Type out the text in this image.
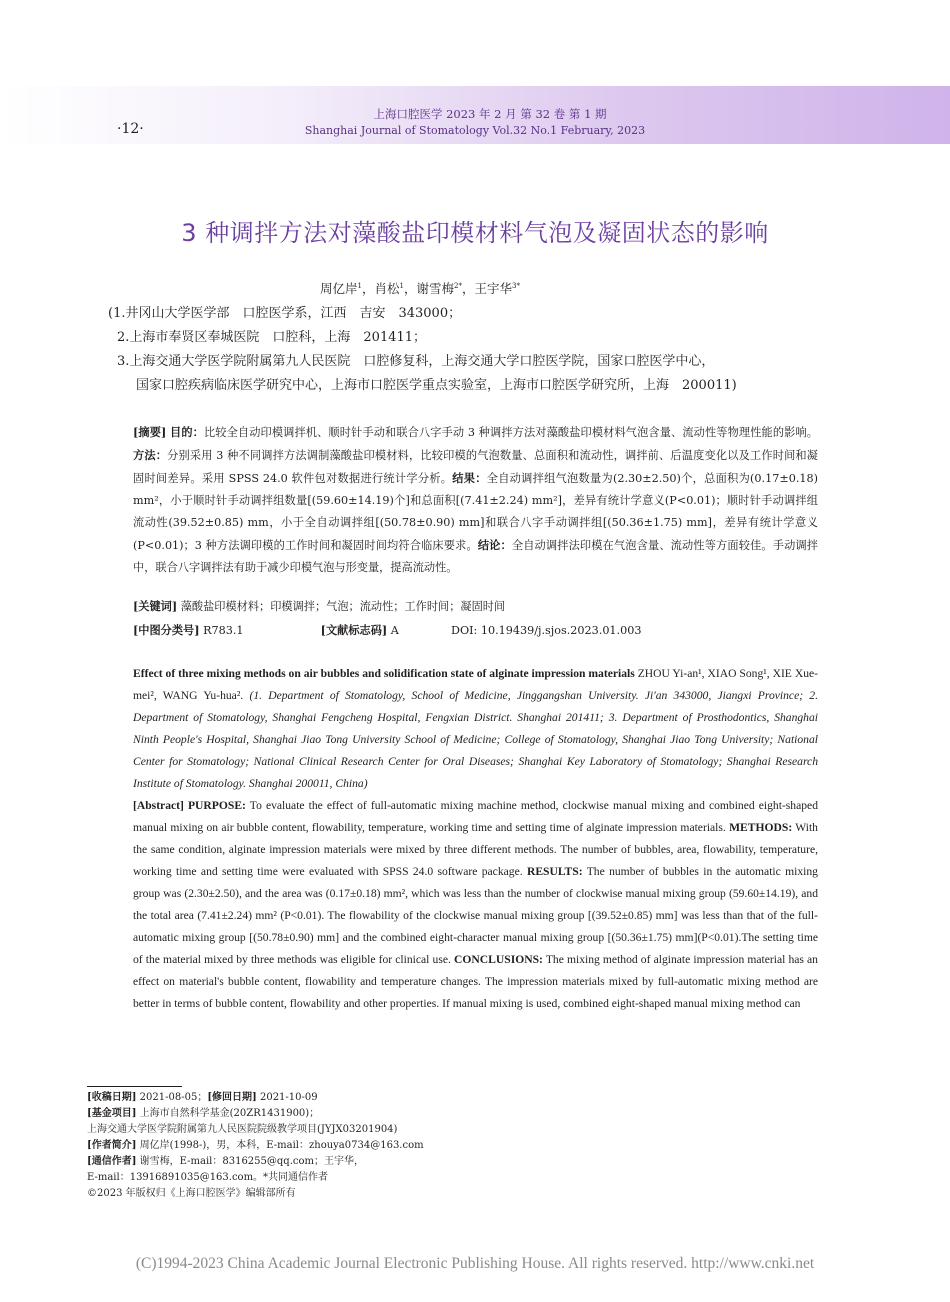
·12·
上海口腔医学 2023 年 2 月 第 32 卷 第 1 期
Shanghai Journal of Stomatology Vol.32 No.1 February, 2023
3 种调拌方法对藻酸盐印模材料气泡及凝固状态的影响
周亿岸$^1$，肖松$^1$，谢雪梅$^{2*}$，王宇华$^{3*}$
(1.井冈山大学医学部　口腔医学系，江西　吉安　343000；
2.上海市奉贤区奉城医院　口腔科，上海　201411；
3.上海交通大学医学院附属第九人民医院　口腔修复科，上海交通大学口腔医学院，国家口腔医学中心，
国家口腔疾病临床医学研究中心，上海市口腔医学重点实验室，上海市口腔医学研究所，上海　200011)
[摘要] 目的：比较全自动印模调拌机、顺时针手动和联合八字手动 3 种调拌方法对藻酸盐印模材料气泡含量、流动性等物理性能的影响。方法：分别采用 3 种不同调拌方法调制藻酸盐印模材料，比较印模的气泡数量、总面积和流动性，调拌前、后温度变化以及工作时间和凝固时间差异。采用 SPSS 24.0 软件包对数据进行统计学分析。结果：全自动调拌组气泡数量为(2.30±2.50)个，总面积为(0.17±0.18) mm²，小于顺时针手动调拌组数量[(59.60±14.19)个]和总面积[(7.41±2.24) mm²]，差异有统计学意义(P<0.01)；顺时针手动调拌组流动性(39.52±0.85) mm，小于全自动调拌组[(50.78±0.90) mm]和联合八字手动调拌组[(50.36±1.75) mm]，差异有统计学意义(P<0.01)；3 种方法调印模的工作时间和凝固时间均符合临床要求。结论：全自动调拌法印模在气泡含量、流动性等方面较佳。手动调拌中，联合八字调拌法有助于减少印模气泡与形变量，提高流动性。
[关键词] 藻酸盐印模材料；印模调拌；气泡；流动性；工作时间；凝固时间
[中图分类号] R783.1	[文献标志码] A	DOI: 10.19439/j.sjos.2023.01.003
Effect of three mixing methods on air bubbles and solidification state of alginate impression materials ZHOU Yi-an¹, XIAO Song¹, XIE Xue-mei², WANG Yu-hua². (1. Department of Stomatology, School of Medicine, Jinggangshan University. Ji'an 343000, Jiangxi Province; 2. Department of Stomatology, Shanghai Fengcheng Hospital, Fengxian District. Shanghai 201411; 3. Department of Prosthodontics, Shanghai Ninth People's Hospital, Shanghai Jiao Tong University School of Medicine; College of Stomatology, Shanghai Jiao Tong University; National Center for Stomatology; National Clinical Research Center for Oral Diseases; Shanghai Key Laboratory of Stomatology; Shanghai Research Institute of Stomatology. Shanghai 200011, China)
[Abstract] PURPOSE: To evaluate the effect of full-automatic mixing machine method, clockwise manual mixing and combined eight-shaped manual mixing on air bubble content, flowability, temperature, working time and setting time of alginate impression materials. METHODS: With the same condition, alginate impression materials were mixed by three different methods. The number of bubbles, area, flowability, temperature, working time and setting time were evaluated with SPSS 24.0 software package. RESULTS: The number of bubbles in the automatic mixing group was (2.30±2.50), and the area was (0.17±0.18) mm², which was less than the number of clockwise manual mixing group (59.60±14.19), and the total area (7.41±2.24) mm² (P<0.01). The flowability of the clockwise manual mixing group [(39.52±0.85) mm] was less than that of the full-automatic mixing group [(50.78±0.90) mm] and the combined eight-character manual mixing group [(50.36±1.75) mm](P<0.01).The setting time of the material mixed by three methods was eligible for clinical use. CONCLUSIONS: The mixing method of alginate impression material has an effect on material's bubble content, flowability and temperature changes. The impression materials mixed by full-automatic mixing method are better in terms of bubble content, flowability and other properties. If manual mixing is used, combined eight-shaped manual mixing method can
[收稿日期] 2021-08-05；[修回日期] 2021-10-09
[基金项目] 上海市自然科学基金(20ZR1431900)；
上海交通大学医学院附属第九人民医院院级教学项目(JYJX03201904)
[作者简介] 周亿岸(1998-)，男，本科，E-mail：zhouya0734@163.com
[通信作者] 谢雪梅，E-mail：8316255@qq.com；王宇华，
E-mail：13916891035@163.com。*共同通信作者
©2023 年版权归《上海口腔医学》编辑部所有
(C)1994-2023 China Academic Journal Electronic Publishing House. All rights reserved. http://www.cnki.net
